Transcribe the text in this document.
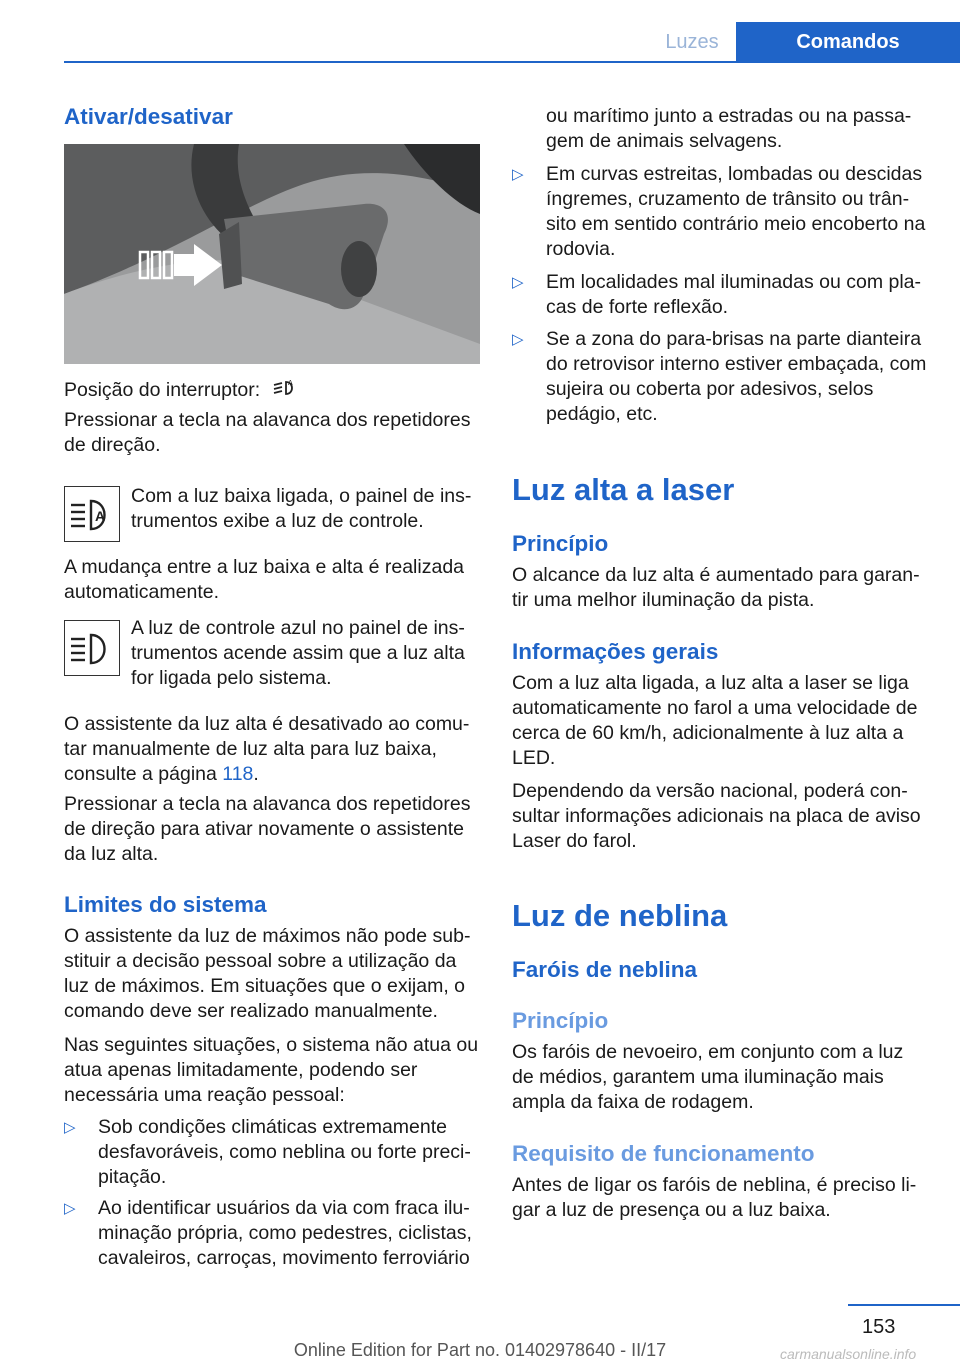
Luzes	Comandos
Ativar/desativar
Posição do interruptor:	A

Pressionar a tecla na alavanca dos repetidores de direção.

A

Com a luz baixa ligada, o painel de ins-trumentos exibe a luz de controle.

A mudança entre a luz baixa e alta é realizada automaticamente.

A luz de controle azul no painel de ins-trumentos acende assim que a luz alta for ligada pelo sistema.

O assistente da luz alta é desativado ao comu-tar manualmente de luz alta para luz baixa, consulte a página 118.

Pressionar a tecla na alavanca dos repetidores de direção para ativar novamente o assistente da luz alta.

Limites do sistema

O assistente da luz de máximos não pode sub-stituir a decisão pessoal sobre a utilização da luz de máximos. Em situações que o exijam, o comando deve ser realizado manualmente.

Nas seguintes situações, o sistema não atua ou atua apenas limitadamente, podendo ser necessária uma reação pessoal:

▷ Sob condições climáticas extremamente desfavoráveis, como neblina ou forte preci-pitação.
▷ Ao identificar usuários da via com fraca ilu-minação própria, como pedestres, ciclistas, cavaleiros, carroças, movimento ferroviário

ou marítimo junto a estradas ou na passa-gem de animais selvagens.

▷ Em curvas estreitas, lombadas ou descidas íngremes, cruzamento de trânsito ou trân-sito em sentido contrário meio encoberto na rodovia.
▷ Em localidades mal iluminadas ou com pla-cas de forte reflexão.
▷ Se a zona do para-brisas na parte dianteira do retrovisor interno estiver embaçada, com sujeira ou coberta por adesivos, selos pedágio, etc.
Luz alta a laser
Princípio

O alcance da luz alta é aumentado para garan-tir uma melhor iluminação da pista.

Informações gerais

Com a luz alta ligada, a luz alta a laser se liga automaticamente no farol a uma velocidade de cerca de 60 km/h, adicionalmente à luz alta a LED.

Dependendo da versão nacional, poderá con-sultar informações adicionais na placa de aviso Laser do farol.

Luz de neblina
Faróis de neblina
Princípio

Os faróis de nevoeiro, em conjunto com a luz de médios, garantem uma iluminação mais ampla da faixa de rodagem.

Requisito de funcionamento

Antes de ligar os faróis de neblina, é preciso li-gar a luz de presença ou a luz baixa.

153
Online Edition for Part no. 01402978640 - II/17	carmanualsonline.info
